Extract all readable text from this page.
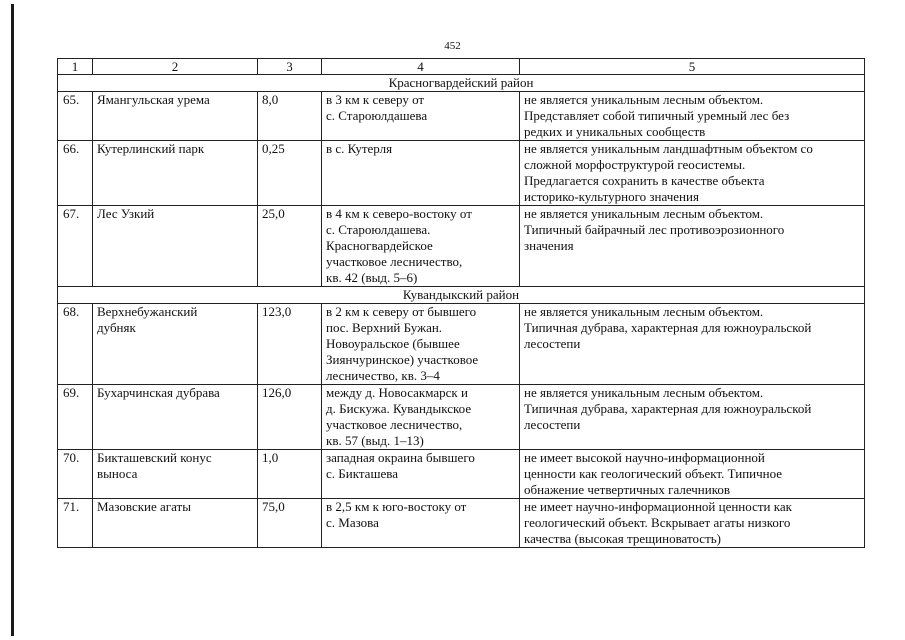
452
1	2	3	4	5
Красногвардейский район				
65.	Ямангульская урема	8,0	в 3 км к северу от
с. Староюлдашева	не является уникальным лесным объектом.
Представляет собой типичный уремный лес без
редких и уникальных сообществ

66.	Кутерлинский парк	0,25	в с. Кутерля	не является уникальным ландшафтным объектом со
сложной морфоструктурой геосистемы.
Предлагается сохранить в качестве объекта
историко-культурного значения

67.	Лес Узкий	25,0	в 4 км к северо-востоку от
с. Староюлдашева.
Красногвардейское
участковое лесничество,
кв. 42 (выд. 5–6)	не является уникальным лесным объектом.
Типичный байрачный лес противоэрозионного
значения

Кувандыкский район				
68.	Верхнебужанский
дубняк	123,0	в 2 км к северу от бывшего
пос. Верхний Бужан.
Новоуральское (бывшее
Зиянчуринское) участковое
лесничество, кв. 3–4	не является уникальным лесным объектом.
Типичная дубрава, характерная для южноуральской
лесостепи

69.	Бухарчинская дубрава	126,0	между д. Новосакмарск и
д. Бискужа. Кувандыкское
участковое лесничество,
кв. 57 (выд. 1–13)	не является уникальным лесным объектом.
Типичная дубрава, характерная для южноуральской
лесостепи

70.	Бикташевский конус
выноса	1,0	западная окраина бывшего
с. Бикташева	не имеет высокой научно-информационной
ценности как геологический объект. Типичное
обнажение четвертичных галечников

71.	Мазовские агаты	75,0	в 2,5 км к юго-востоку от
с. Мазова	не имеет научно-информационной ценности как
геологический объект. Вскрывает агаты низкого
качества (высокая трещиноватость)
